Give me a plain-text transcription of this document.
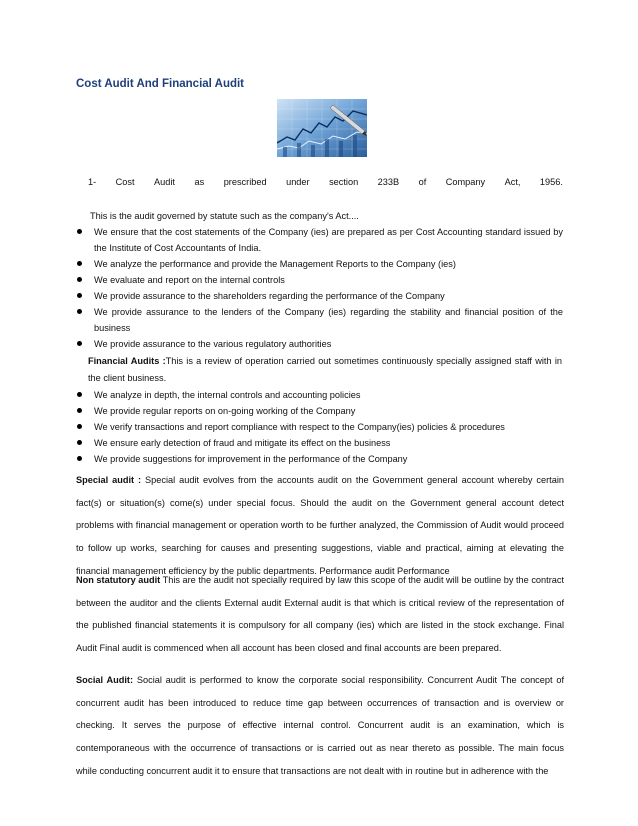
Cost Audit And Financial Audit
1- Cost Audit as prescribed under section 233B of Company Act, 1956.
This is the audit governed by statute such as the company's Act....
We ensure that the cost statements of the Company (ies) are prepared as per Cost Accounting standard issued by the Institute of Cost Accountants of India.
We analyze the performance and provide the Management Reports to the Company (ies)
We evaluate and report on the internal controls
We provide assurance to the shareholders regarding the performance of the Company
We provide assurance to the lenders of the Company (ies) regarding the stability and financial position of the business
We provide assurance to the various regulatory authorities
Financial Audits :This is a review of operation carried out sometimes continuously specially assigned staff with in the client business.
We analyze in depth, the internal controls and accounting policies
We provide regular reports on on-going working of the Company
We verify transactions and report compliance with respect to the Company(ies) policies & procedures
We ensure early detection of fraud and mitigate its effect on the business
We provide suggestions for improvement in the performance of the Company
Special audit : Special audit evolves from the accounts audit on the Government general account whereby certain fact(s) or situation(s) come(s) under special focus. Should the audit on the Government general account detect problems with financial management or operation worth to be further analyzed, the Commission of Audit would proceed to follow up works, searching for causes and presenting suggestions, viable and practical, aiming at elevating the financial management efficiency by the public departments. Performance audit Performance
Non statutory audit This are the audit not specially required by law this scope of the audit will be outline by the contract between the auditor and the clients External audit External audit is that which is critical review of the representation of the published financial statements it is compulsory for all company (ies) which are listed in the stock exchange. Final Audit Final audit is commenced when all account has been closed and final accounts are been prepared.
Social Audit: Social audit is performed to know the corporate social responsibility. Concurrent Audit The concept of concurrent audit has been introduced to reduce time gap between occurrences of transaction and is overview or checking. It serves the purpose of effective internal control. Concurrent audit is an examination, which is contemporaneous with the occurrence of transactions or is carried out as near thereto as possible. The main focus while conducting concurrent audit it to ensure that transactions are not dealt with in routine but in adherence with the
